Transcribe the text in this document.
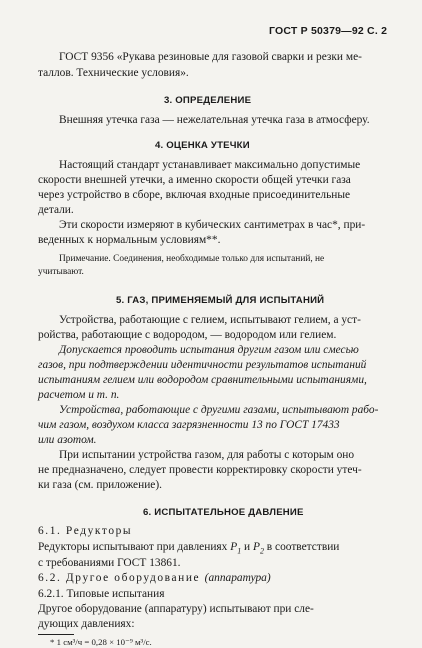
ГОСТ Р 50379—92 С. 2
ГОСТ 9356 «Рукава резиновые для газовой сварки и резки ме-
таллов. Технические условия».
3. ОПРЕДЕЛЕНИЕ
Внешняя утечка газа — нежелательная утечка газа в атмосферу.
4. ОЦЕНКА УТЕЧКИ
Настоящий стандарт устанавливает максимально допустимые
скорости внешней утечки, а именно скорости общей утечки газа
через устройство в сборе, включая входные присоединительные
детали.
Эти скорости измеряют в кубических сантиметрах в час*, при-
веденных к нормальным условиям**.
Примечание. Соединения, необходимые только для испытаний, не
учитывают.
5. ГАЗ, ПРИМЕНЯЕМЫЙ ДЛЯ ИСПЫТАНИЙ
Устройства, работающие с гелием, испытывают гелием, а уст-
ройства, работающие с водородом, — водородом или гелием.
Допускается проводить испытания другим газом или смесью
газов, при подтверждении идентичности результатов испытаний
испытаниям гелием или водородом сравнительными испытаниями,
расчетом и т. п.
Устройства, работающие с другими газами, испытывают рабо-
чим газом, воздухом класса загрязненности 13 по ГОСТ 17433
или азотом.
При испытании устройства газом, для работы с которым оно
не предназначено, следует провести корректировку скорости утеч-
ки газа (см. приложение).
6. ИСПЫТАТЕЛЬНОЕ ДАВЛЕНИЕ
6.1. Редукторы
Редукторы испытывают при давлениях $P_1$ и $P_2$ в соответствии
с требованиями ГОСТ 13861.
6.2. Другое оборудование (аппаратура)
6.2.1. Типовые испытания
Другое оборудование (аппаратуру) испытывают при сле-
дующих давлениях:
* 1 см³/ч = 0,28 × 10⁻⁹ м³/с.
